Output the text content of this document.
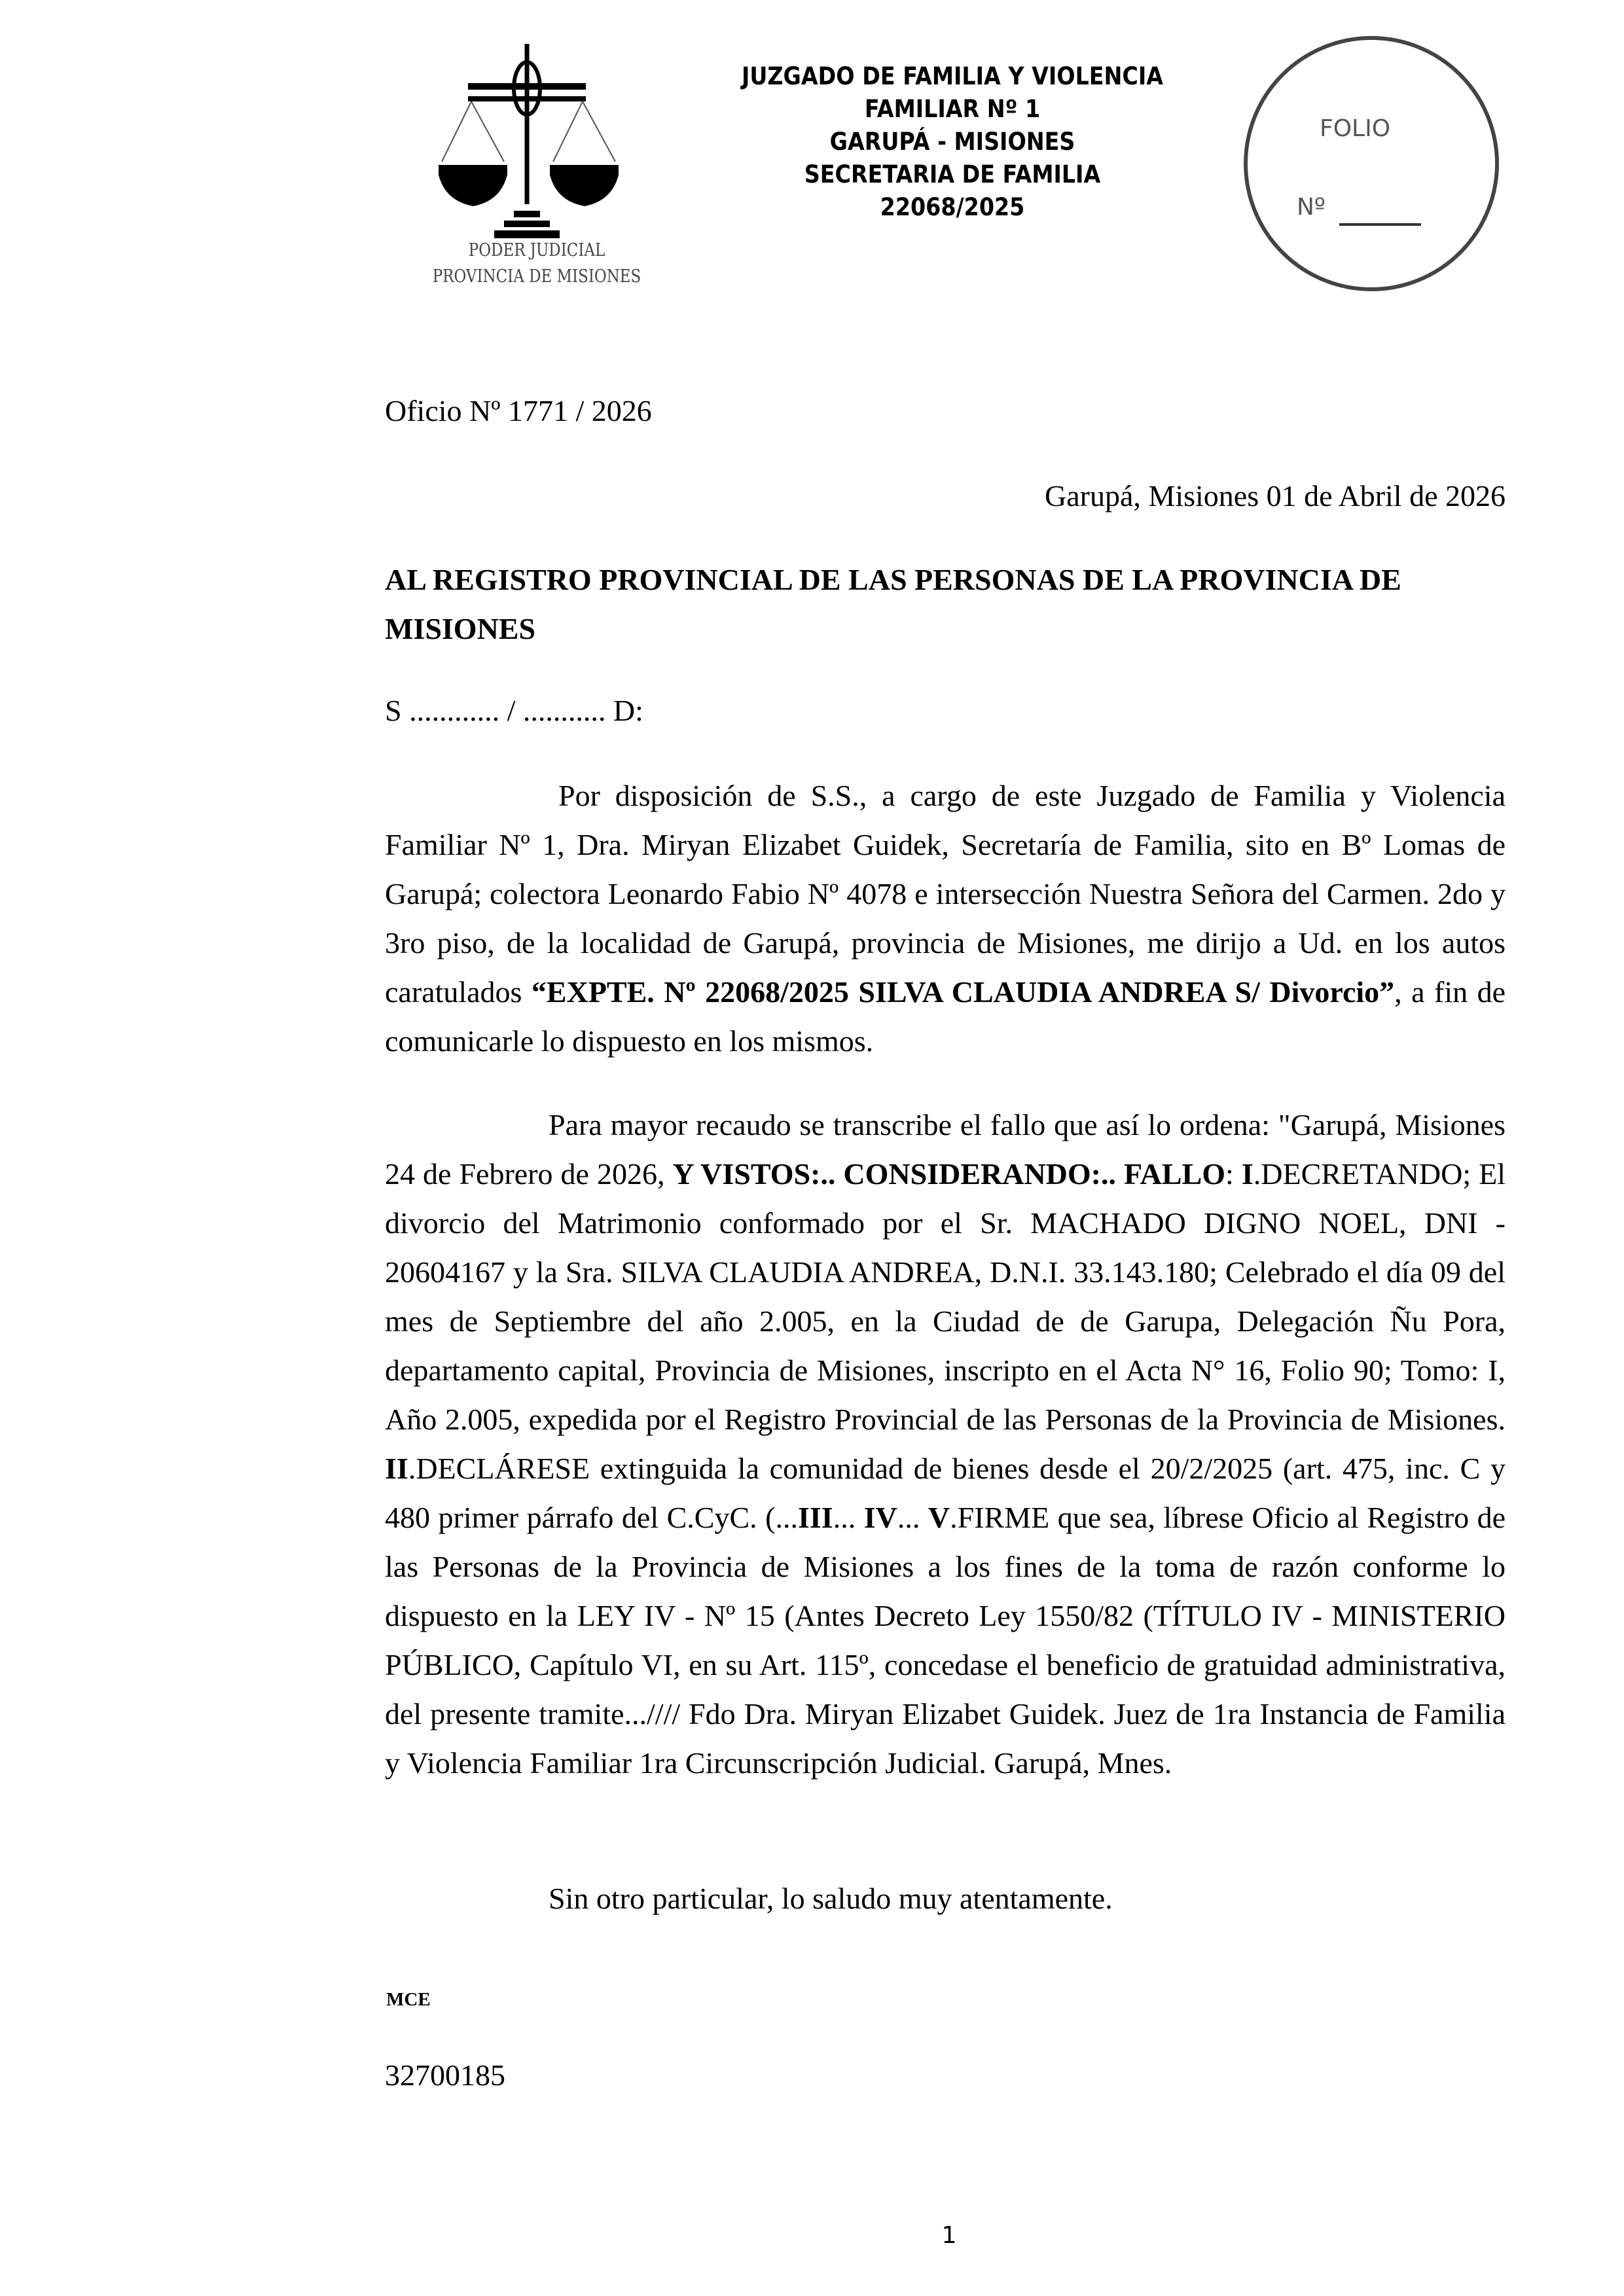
PODER JUDICIAL
PROVINCIA DE MISIONES
JUZGADO DE FAMILIA Y VIOLENCIA
FAMILIAR Nº 1
GARUPÁ - MISIONES
SECRETARIA DE FAMILIA
22068/2025
FOLIO
Nº
Oficio Nº 1771 / 2026
Garupá, Misiones 01 de Abril de 2026
AL REGISTRO PROVINCIAL DE LAS PERSONAS DE LA PROVINCIA DE MISIONES
S ............ / ........... D:
Por disposición de S.S., a cargo de este Juzgado de Familia y Violencia Familiar Nº 1, Dra. Miryan Elizabet Guidek, Secretaría de Familia, sito en Bº Lomas de Garupá; colectora Leonardo Fabio Nº 4078 e intersección Nuestra Señora del Carmen. 2do y 3ro piso, de la localidad de Garupá, provincia de Misiones, me dirijo a Ud. en los autos caratulados “EXPTE. Nº 22068/2025 SILVA CLAUDIA ANDREA S/ Divorcio”, a fin de comunicarle lo dispuesto en los mismos.
Para mayor recaudo se transcribe el fallo que así lo ordena: "Garupá, Misiones 24 de Febrero de 2026, Y VISTOS:.. CONSIDERANDO:.. FALLO: I.DECRETANDO; El divorcio del Matrimonio conformado por el Sr. MACHADO DIGNO NOEL, DNI - 20604167 y la Sra. SILVA CLAUDIA ANDREA, D.N.I. 33.143.180; Celebrado el día 09 del mes de Septiembre del año 2.005, en la Ciudad de de Garupa, Delegación Ñu Pora, departamento capital, Provincia de Misiones, inscripto en el Acta N° 16, Folio 90; Tomo: I, Año 2.005, expedida por el Registro Provincial de las Personas de la Provincia de Misiones. II.DECLÁRESE extinguida la comunidad de bienes desde el 20/2/2025 (art. 475, inc. C y 480 primer párrafo del C.CyC. (...III... IV... V.FIRME que sea, líbrese Oficio al Registro de las Personas de la Provincia de Misiones a los fines de la toma de razón conforme lo dispuesto en la LEY IV - Nº 15 (Antes Decreto Ley 1550/82 (TÍTULO IV - MINISTERIO PÚBLICO, Capítulo VI, en su Art. 115º, concedase el beneficio de gratuidad administrativa, del presente tramite...//// Fdo Dra. Miryan Elizabet Guidek. Juez de 1ra Instancia de Familia y Violencia Familiar 1ra Circunscripción Judicial. Garupá, Mnes.
Sin otro particular, lo saludo muy atentamente.
MCE
32700185
1
